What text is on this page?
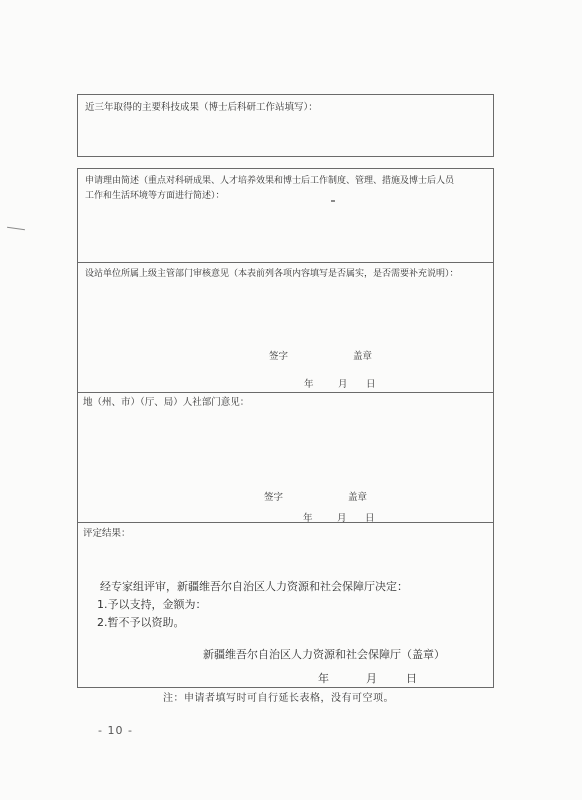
近三年取得的主要科技成果（博士后科研工作站填写）：
申请理由简述（重点对科研成果、人才培养效果和博士后工作制度、管理、措施及博士后人员
工作和生活环境等方面进行简述）：
设站单位所属上级主管部门审核意见（本表前列各项内容填写是否属实，是否需要补充说明）：
签字	盖章
年	月 日
地（州、市）（厅、局）人社部门意见：
签字	盖章
年	月 日
评定结果：
经专家组评审，新疆维吾尔自治区人力资源和社会保障厅决定：
1.予以支持，金额为：
2.暂不予以资助。
新疆维吾尔自治区人力资源和社会保障厅（盖章）
年	月	日
注：申请者填写时可自行延长表格，没有可空项。
- 10 -
